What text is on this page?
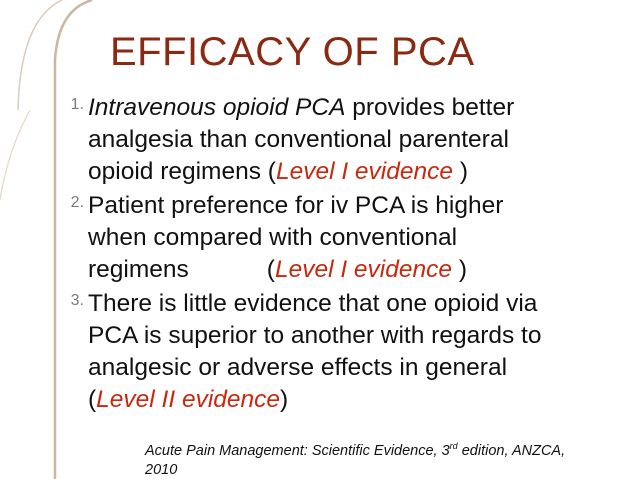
EFFICACY OF PCA
1. Intravenous opioid PCA provides better
analgesia than conventional parenteral
opioid regimens (Level I evidence )
2. Patient preference for iv PCA is higher
when compared with conventional
regimens	(Level I evidence )
3. There is little evidence that one opioid via
PCA is superior to another with regards to
analgesic or adverse effects in general
(Level II evidence)
Acute Pain Management: Scientific Evidence, 3rd edition, ANZCA,
2010
